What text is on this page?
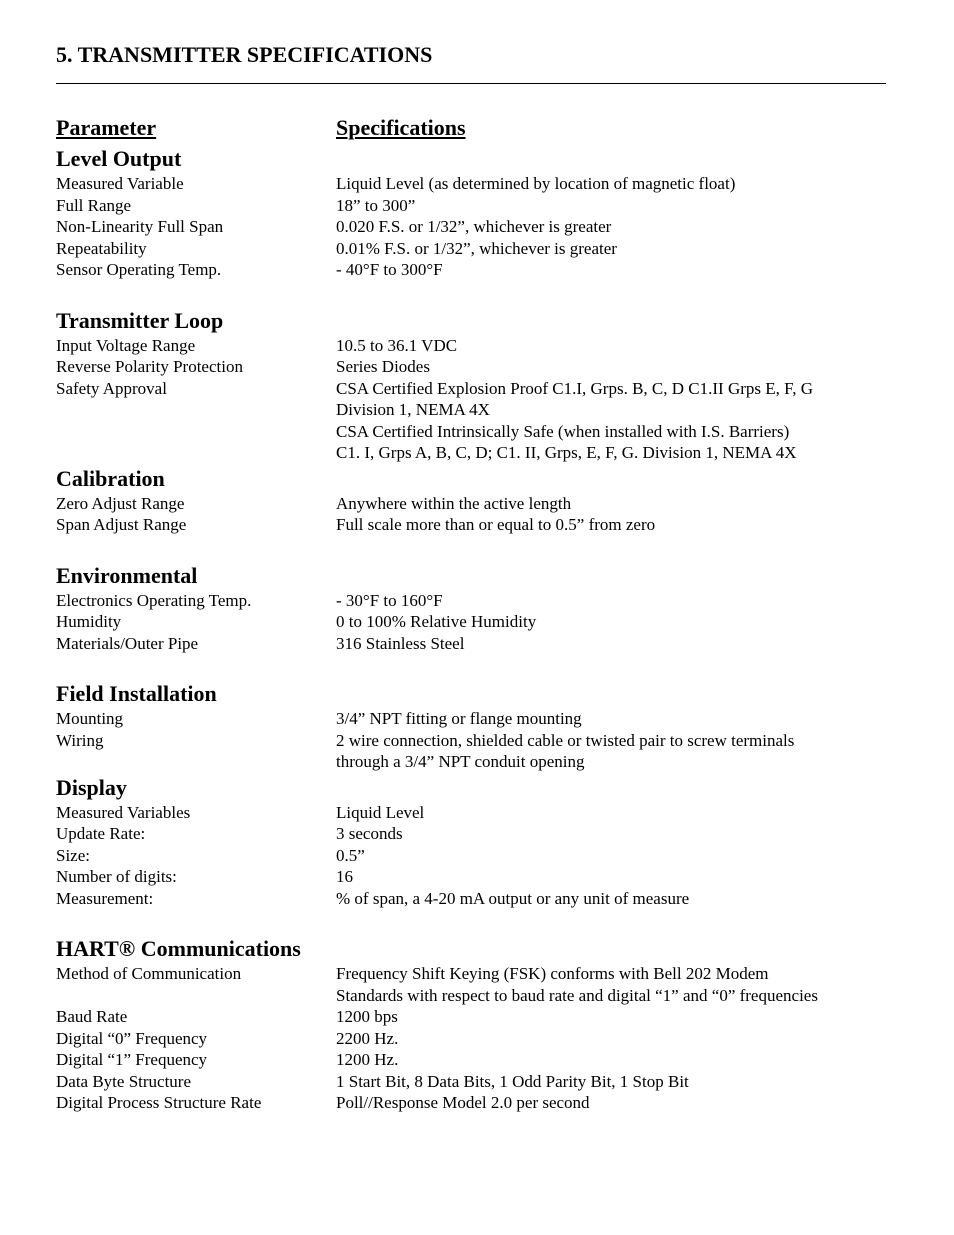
5. TRANSMITTER SPECIFICATIONS
Parameter	Specifications
Level Output
Measured Variable	Liquid Level (as determined by location of magnetic float)
Full Range	18” to 300”
Non-Linearity Full Span	0.020 F.S. or 1/32”, whichever is greater
Repeatability	0.01% F.S. or 1/32”, whichever is greater
Sensor Operating Temp.	- 40°F to 300°F
Transmitter Loop
Input Voltage Range	10.5 to 36.1 VDC
Reverse Polarity Protection	Series Diodes
Safety Approval	CSA Certified Explosion Proof C1.I, Grps. B, C, D C1.II Grps E, F, G
Division 1, NEMA 4X
CSA Certified Intrinsically Safe (when installed with I.S. Barriers)
C1. I, Grps A, B, C, D; C1. II, Grps, E, F, G. Division 1, NEMA 4X
Calibration
Zero Adjust Range	Anywhere within the active length
Span Adjust Range	Full scale more than or equal to 0.5” from zero
Environmental
Electronics Operating Temp.	- 30°F to 160°F
Humidity	0 to 100% Relative Humidity
Materials/Outer Pipe	316 Stainless Steel
Field Installation
Mounting	3/4” NPT fitting or flange mounting
Wiring	2 wire connection, shielded cable or twisted pair to screw terminals
through a 3/4” NPT conduit opening
Display
Measured Variables	Liquid Level
Update Rate:	3 seconds
Size:	0.5”
Number of digits:	16
Measurement:	% of span, a 4-20 mA output or any unit of measure
HART® Communications
Method of Communication	Frequency Shift Keying (FSK) conforms with Bell 202 Modem
Standards with respect to baud rate and digital “1” and “0” frequencies
Baud Rate	1200 bps
Digital “0” Frequency	2200 Hz.
Digital “1” Frequency	1200 Hz.
Data Byte Structure	1 Start Bit, 8 Data Bits, 1 Odd Parity Bit, 1 Stop Bit
Digital Process Structure Rate	Poll//Response Model 2.0 per second
